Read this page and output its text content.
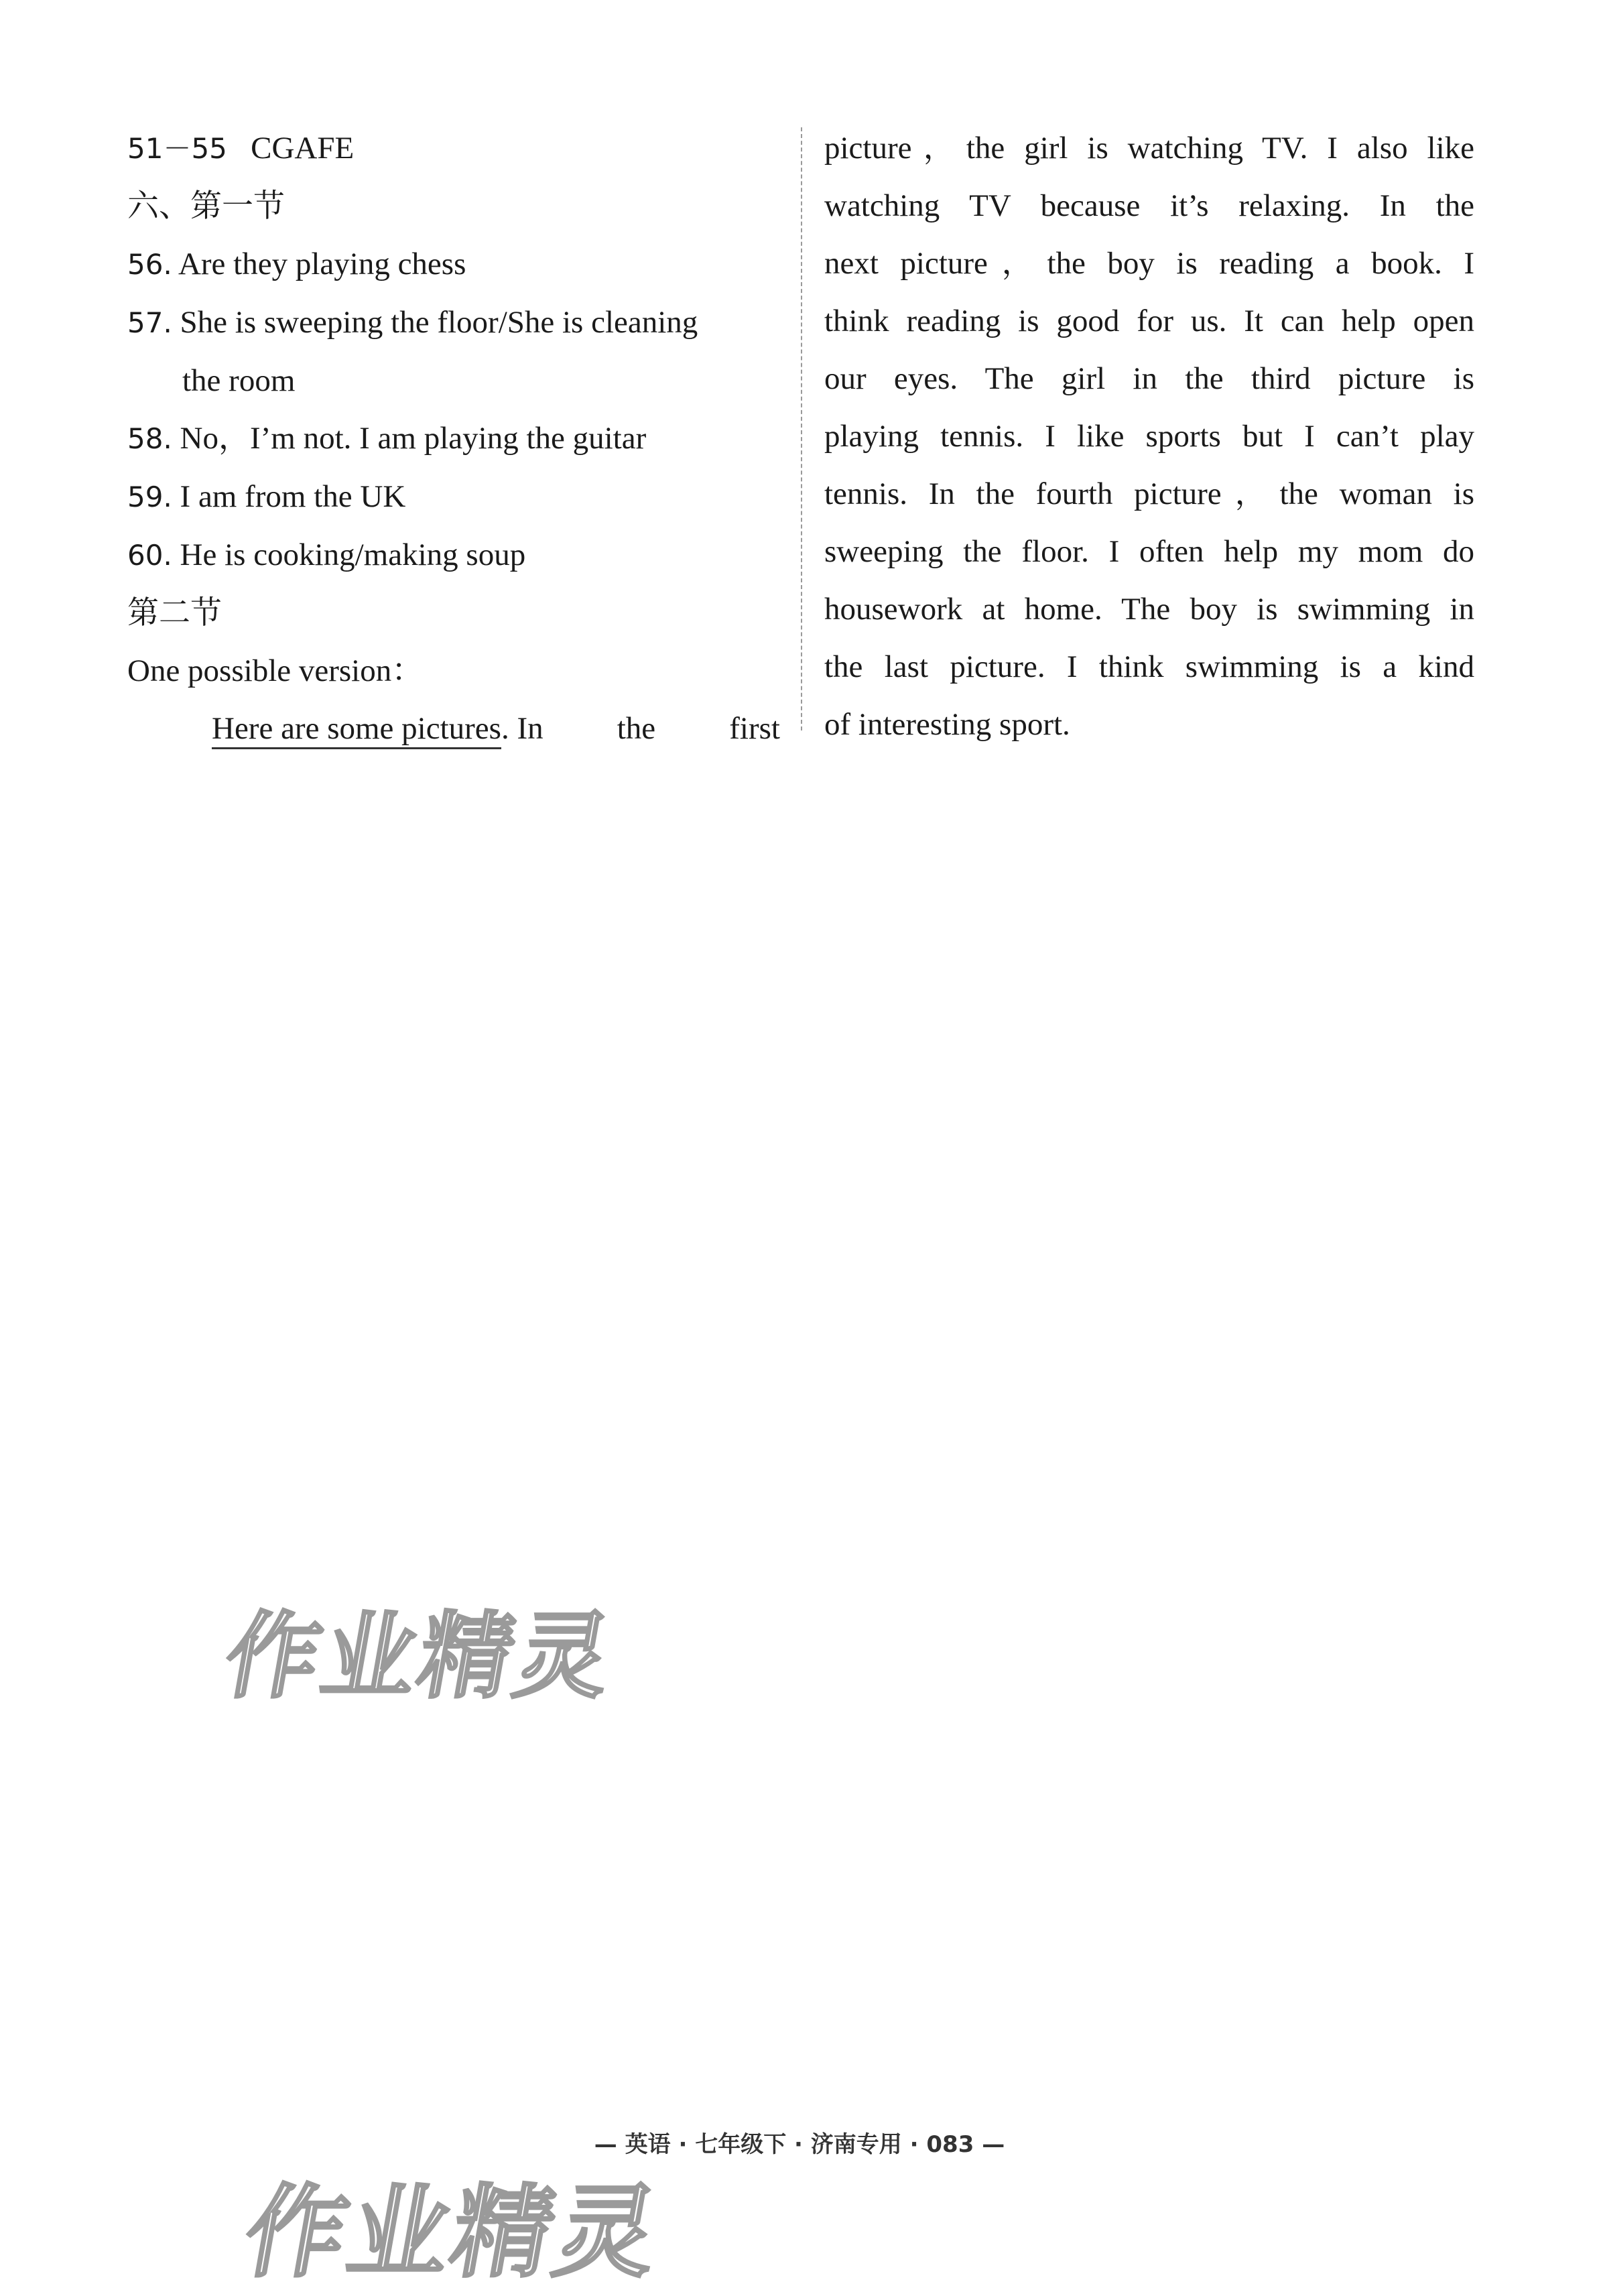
51－55 CGAFE
六、第一节
56. Are they playing chess
57. She is sweeping the floor/She is cleaning
the room
58. No，I’m not. I am playing the guitar
59. I am from the UK
60. He is cooking/making soup
第二节
One possible version：
Here are some pictures. In the first

picture，the girl is watching TV. I also like

watching TV because it’s relaxing. In the

next picture，the boy is reading a book. I

think reading is good for us. It can help open

our eyes. The girl in the third picture is

playing tennis. I like sports but I can’t play

tennis. In the fourth picture，the woman is

sweeping the floor. I often help my mom do

housework at home. The boy is swimming in

the last picture. I think swimming is a kind

of interesting sport.

作业精灵
— 英语 · 七年级下 · 济南专用 · 083 —
作业精灵
